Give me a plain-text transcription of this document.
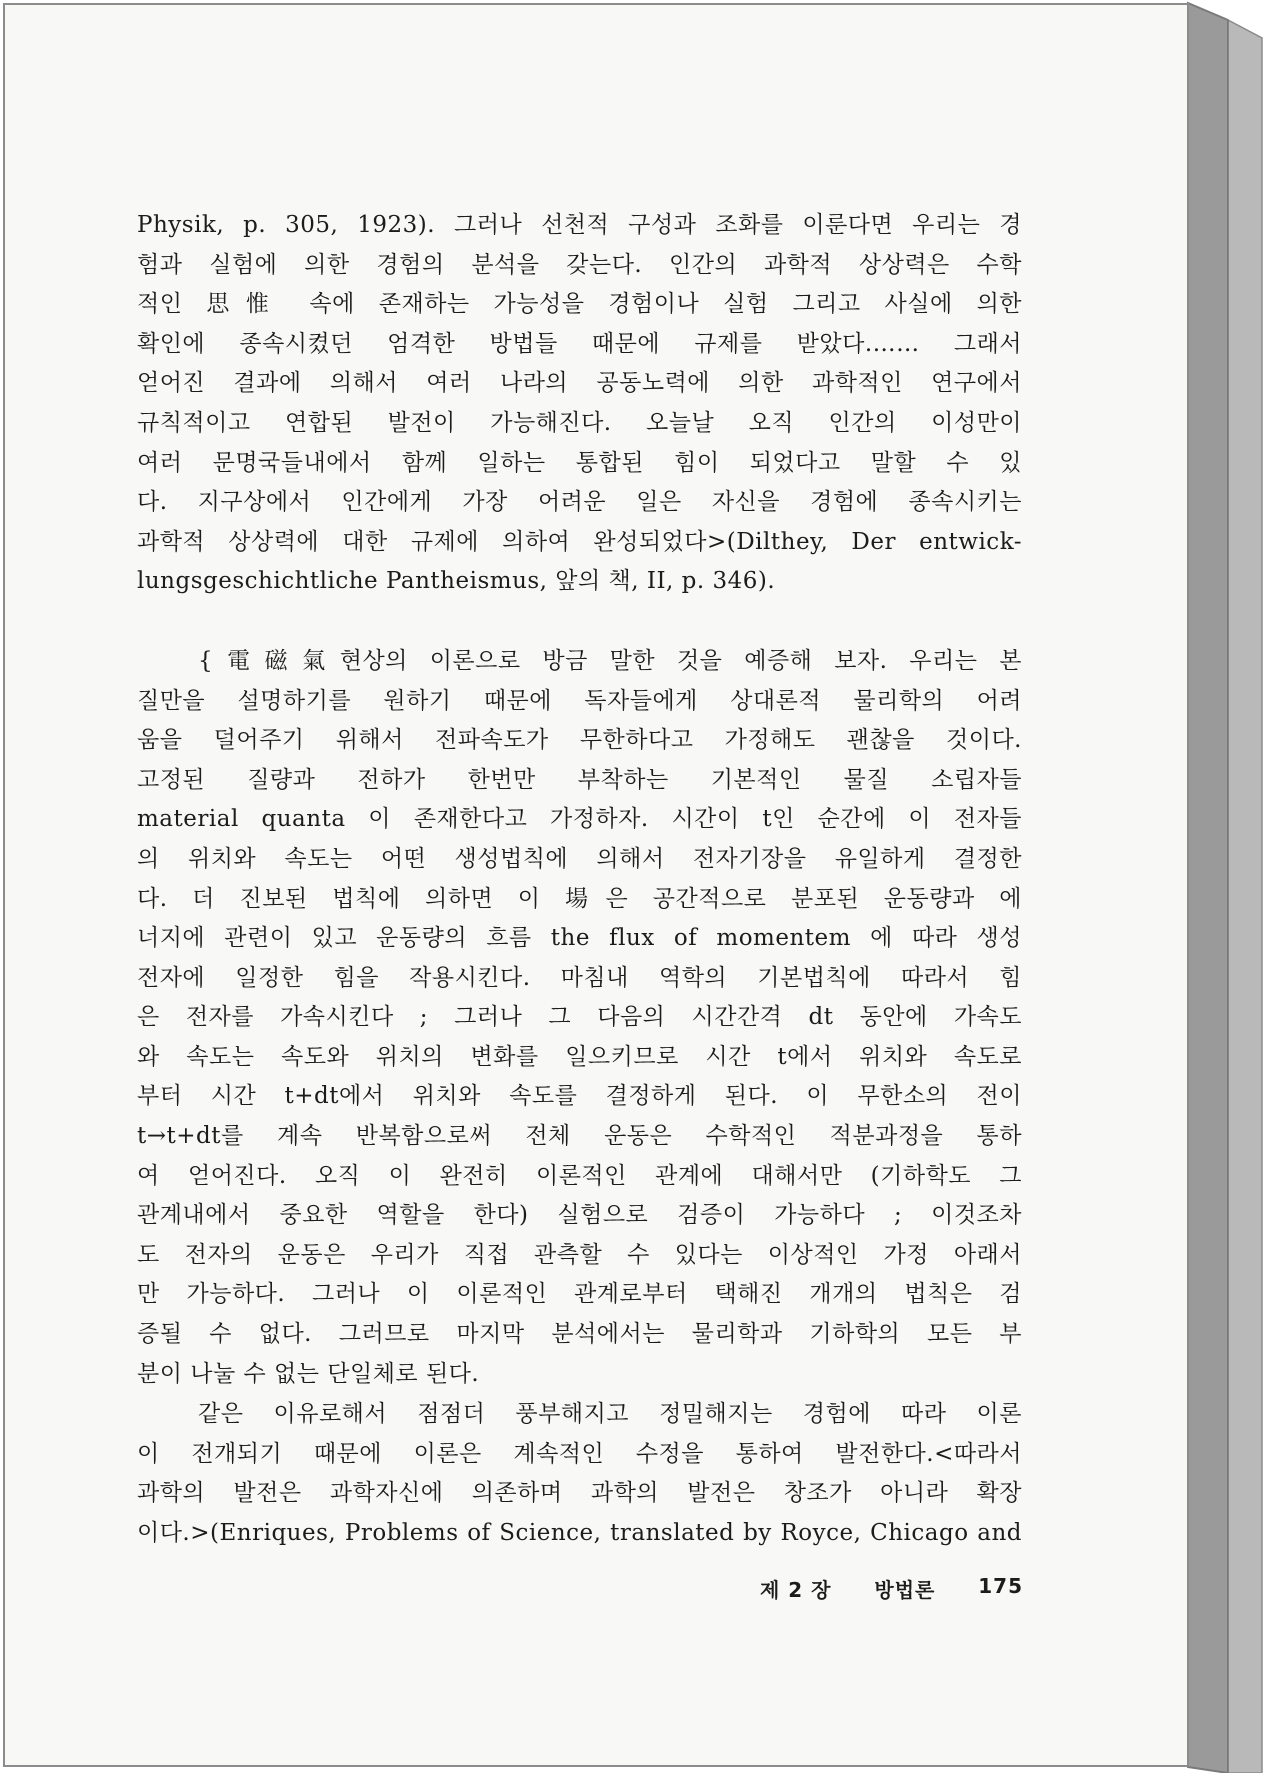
Physik, p. 305, 1923). 그러나 선천적 구성과 조화를 이룬다면 우리는 경
험과 실험에 의한 경험의 분석을 갖는다. 인간의 과학적 상상력은 수학
적인 思惟 속에 존재하는 가능성을 경험이나 실험 그리고 사실에 의한
확인에 종속시켰던 엄격한 방법들 때문에 규제를 받았다.…… 그래서
얻어진 결과에 의해서 여러 나라의 공동노력에 의한 과학적인 연구에서
규칙적이고 연합된 발전이 가능해진다. 오늘날 오직 인간의 이성만이
여러 문명국들내에서 함께 일하는 통합된 힘이 되었다고 말할 수 있
다. 지구상에서 인간에게 가장 어려운 일은 자신을 경험에 종속시키는
과학적 상상력에 대한 규제에 의하여 완성되었다>(Dilthey, Der entwick-
lungsgeschichtliche Pantheismus, 앞의 책, II, p. 346).
{電磁氣현상의 이론으로 방금 말한 것을 예증해 보자. 우리는 본
질만을 설명하기를 원하기 때문에 독자들에게 상대론적 물리학의 어려
움을 덜어주기 위해서 전파속도가 무한하다고 가정해도 괜찮을 것이다.
고정된 질량과 전하가 한번만 부착하는 기본적인 물질 소립자들
material quanta 이 존재한다고 가정하자. 시간이 t인 순간에 이 전자들
의 위치와 속도는 어떤 생성법칙에 의해서 전자기장을 유일하게 결정한
다. 더 진보된 법칙에 의하면 이 場은 공간적으로 분포된 운동량과 에
너지에 관련이 있고 운동량의 흐름 the flux of momentem 에 따라 생성
전자에 일정한 힘을 작용시킨다. 마침내 역학의 기본법칙에 따라서 힘
은 전자를 가속시킨다 ; 그러나 그 다음의 시간간격 dt 동안에 가속도
와 속도는 속도와 위치의 변화를 일으키므로 시간 t에서 위치와 속도로
부터 시간 t+dt에서 위치와 속도를 결정하게 된다. 이 무한소의 전이
t→t+dt를 계속 반복함으로써 전체 운동은 수학적인 적분과정을 통하
여 얻어진다. 오직 이 완전히 이론적인 관계에 대해서만 (기하학도 그
관계내에서 중요한 역할을 한다) 실험으로 검증이 가능하다 ; 이것조차
도 전자의 운동은 우리가 직접 관측할 수 있다는 이상적인 가정 아래서
만 가능하다. 그러나 이 이론적인 관계로부터 택해진 개개의 법칙은 검
증될 수 없다. 그러므로 마지막 분석에서는 물리학과 기하학의 모든 부
분이 나눌 수 없는 단일체로 된다.
같은 이유로해서 점점더 풍부해지고 정밀해지는 경험에 따라 이론
이 전개되기 때문에 이론은 계속적인 수정을 통하여 발전한다.<따라서
과학의 발전은 과학자신에 의존하며 과학의 발전은 창조가 아니라 확장
이다.>(Enriques, Problems of Science, translated by Royce, Chicago and
제 2 장 방법론 175
